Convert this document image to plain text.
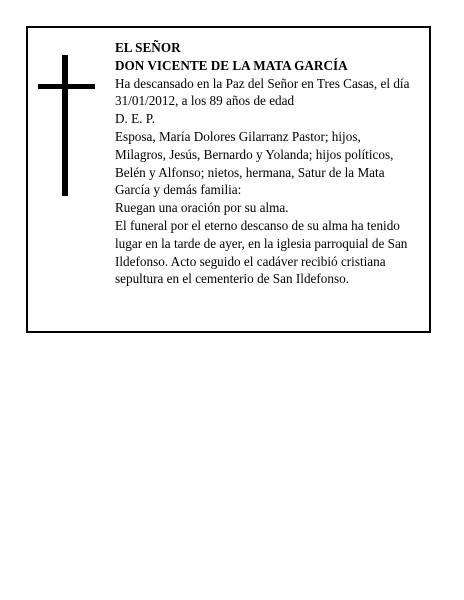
EL SEÑOR
DON VICENTE DE LA MATA GARCÍA
Ha descansado en la Paz del Señor en Tres Casas, el día
31/01/2012, a los 89 años de edad
D. E. P.
Esposa, María Dolores Gilarranz Pastor; hijos,
Milagros, Jesús, Bernardo y Yolanda; hijos políticos,
Belén y Alfonso; nietos, hermana, Satur de la Mata
García y demás familia:
Ruegan una oración por su alma.
El funeral por el eterno descanso de su alma ha tenido
lugar en la tarde de ayer, en la iglesia parroquial de San
Ildefonso. Acto seguido el cadáver recibió cristiana
sepultura en el cementerio de San Ildefonso.
